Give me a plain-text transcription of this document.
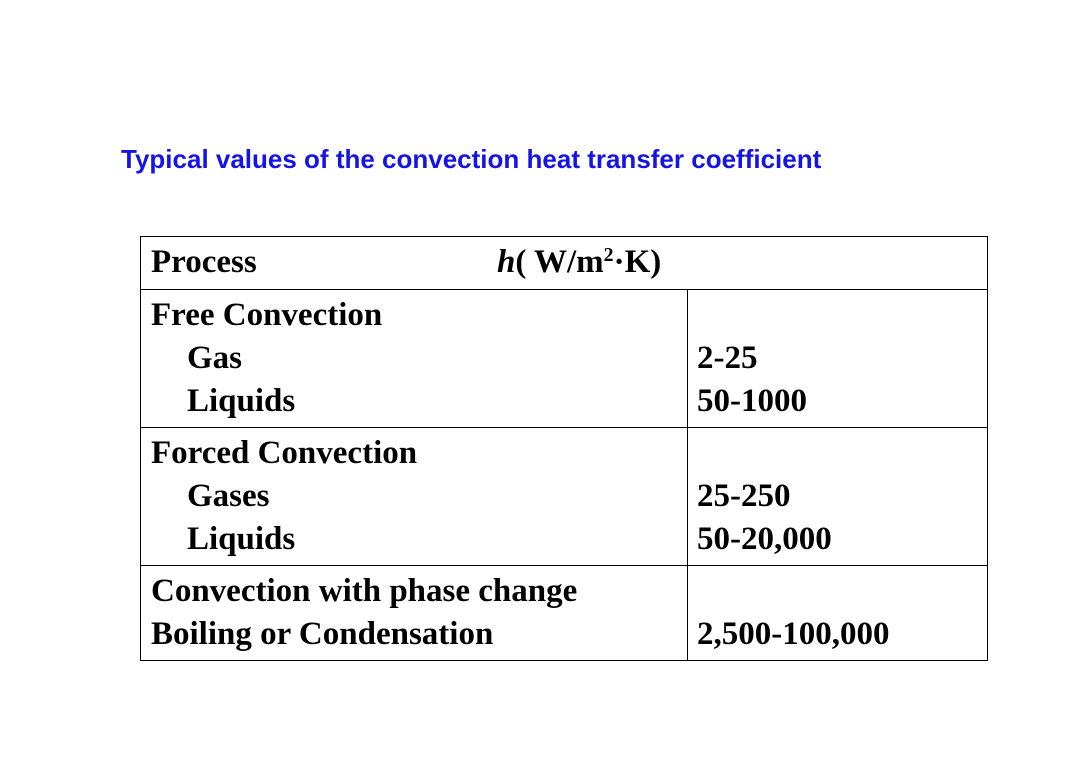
Typical values of the convection heat transfer coefficient
Process	h( $W/m^2\cdot K$)
Free Convection
Gas	2-25
Liquids	50-1000
Forced Convection
Gases	25-250
Liquids	50-20,000
Convection with phase change
Boiling or Condensation	2,500-100,000
